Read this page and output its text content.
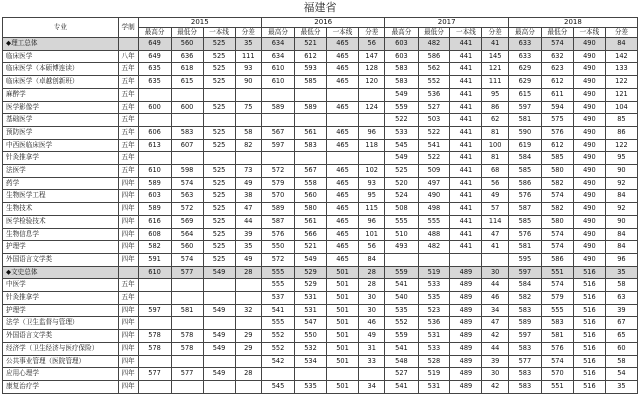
福建省
专业	学制	2015				2016				2017				2018			
		最高分	最低分	一本线	分差	最高分	最低分	一本线	分差	最高分	最低分	一本线	分差	最高分	最低分	一本线	分差
◆理工总体		649	560	525	35	634	521	465	56	603	482	441	41	633	574	490	84
临床医学	八年	649	636	525	111	634	612	465	147	603	586	441	145	633	632	490	142
临床医学（本硕博连读）	五年	635	618	525	93	610	593	465	128	583	562	441	121	629	623	490	133
临床医学（卓越创新班）	五年	635	615	525	90	610	585	465	120	583	552	441	111	629	612	490	122
麻醉学	五年									549	536	441	95	615	611	490	121
医学影像学	五年	600	600	525	75	589	589	465	124	559	527	441	86	597	594	490	104
基础医学	五年									522	503	441	62	581	575	490	85
预防医学	五年	606	583	525	58	567	561	465	96	533	522	441	81	590	576	490	86
中西医临床医学	五年	613	607	525	82	597	583	465	118	545	541	441	100	619	612	490	122
针灸推拿学	五年									549	522	441	81	584	585	490	95
法医学	五年	610	598	525	73	572	567	465	102	525	509	441	68	585	580	490	90
药学	四年	589	574	525	49	579	558	465	93	520	497	441	56	586	582	490	92
生物医学工程	四年	603	563	525	38	570	560	465	95	524	490	441	49	576	574	490	84
生物技术	四年	589	572	525	47	589	580	465	115	508	498	441	57	587	582	490	92
医学检验技术	四年	616	569	525	44	587	561	465	96	555	555	441	114	585	580	490	90
生物信息学	四年	608	564	525	39	576	566	465	101	510	488	441	47	576	574	490	84
护理学	四年	582	560	525	35	550	521	465	56	493	482	441	41	581	574	490	84
外国语言文学类	四年	591	574	525	49	572	549	465	84					595	586	490	96
◆文史总体		610	577	549	28	555	529	501	28	559	519	489	30	597	551	516	35
中医学	五年					555	529	501	28	541	533	489	44	584	574	516	58
针灸推拿学	五年					537	531	501	30	540	535	489	46	582	579	516	63
护理学	四年	597	581	549	32	541	531	501	30	535	523	489	34	583	555	516	39
法学（卫生监督与管理）	四年					555	547	501	46	552	536	489	47	589	583	516	67
外国语言文学类	四年	578	578	549	29	552	550	501	49	559	531	489	42	597	581	516	65
经济学（卫生经济与医疗保险）	四年	578	578	549	29	552	532	501	31	541	533	489	44	583	576	516	60
公共事业管理（医院管理）	四年					542	534	501	33	548	528	489	39	577	574	516	58
应用心理学	四年	577	577	549	28					527	519	489	30	583	570	516	54
康复治疗学	四年					545	535	501	34	541	531	489	42	583	551	516	35
